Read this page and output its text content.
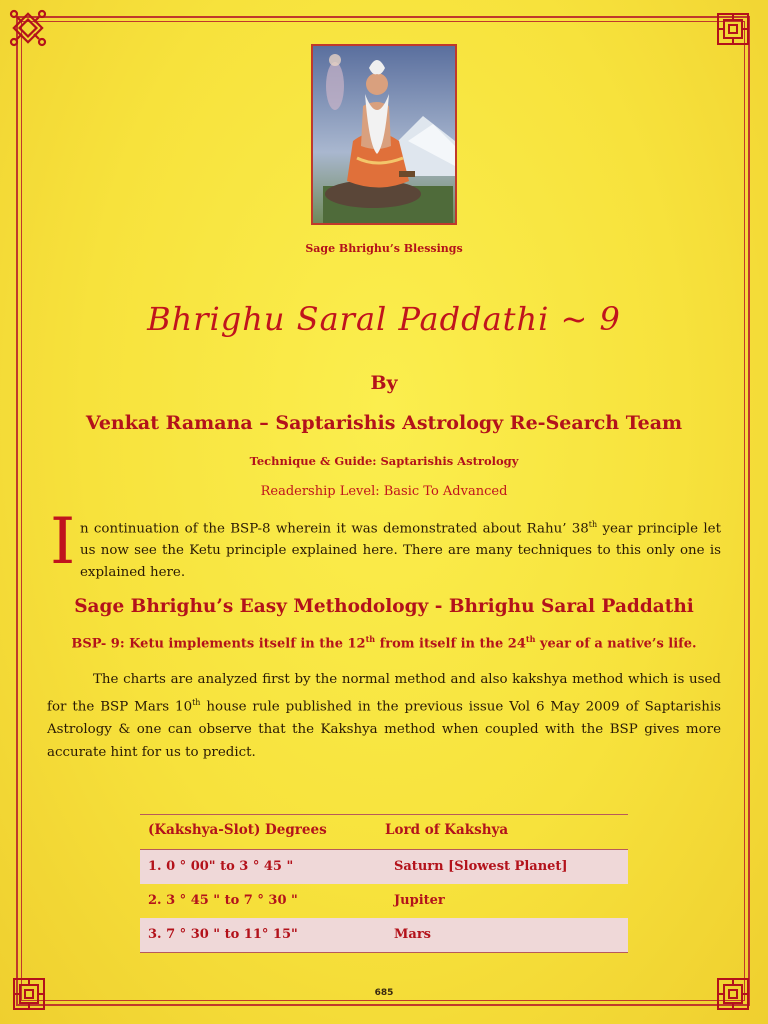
Sage Bhrighu’s Blessings
Bhrighu Saral Paddathi ~ 9
By
Venkat Ramana – Saptarishis Astrology Re-Search Team
Technique & Guide: Saptarishis Astrology
Readership Level: Basic To Advanced
I n continuation of the BSP-8 wherein it was demonstrated about Rahu’ 38th year principle let us now see the Ketu principle explained here. There are many techniques to this only one is explained here.

Sage Bhrighu’s Easy Methodology - Bhrighu Saral Paddathi
BSP- 9: Ketu implements itself in the 12th from itself in the 24th year of a native’s life.

The charts are analyzed first by the normal method and also kakshya method which is used for the BSP Mars 10th house rule published in the previous issue Vol 6 May 2009 of Saptarishis Astrology & one can observe that the Kakshya method when coupled with the BSP gives more accurate hint for us to predict.

(Kakshya-Slot) Degrees	Lord of Kakshya
1. 0 ° 00" to 3 ° 45 "	Saturn [Slowest Planet]
2. 3 ° 45 " to 7 ° 30 "	Jupiter
3. 7 ° 30 " to 11° 15"	Mars
685
